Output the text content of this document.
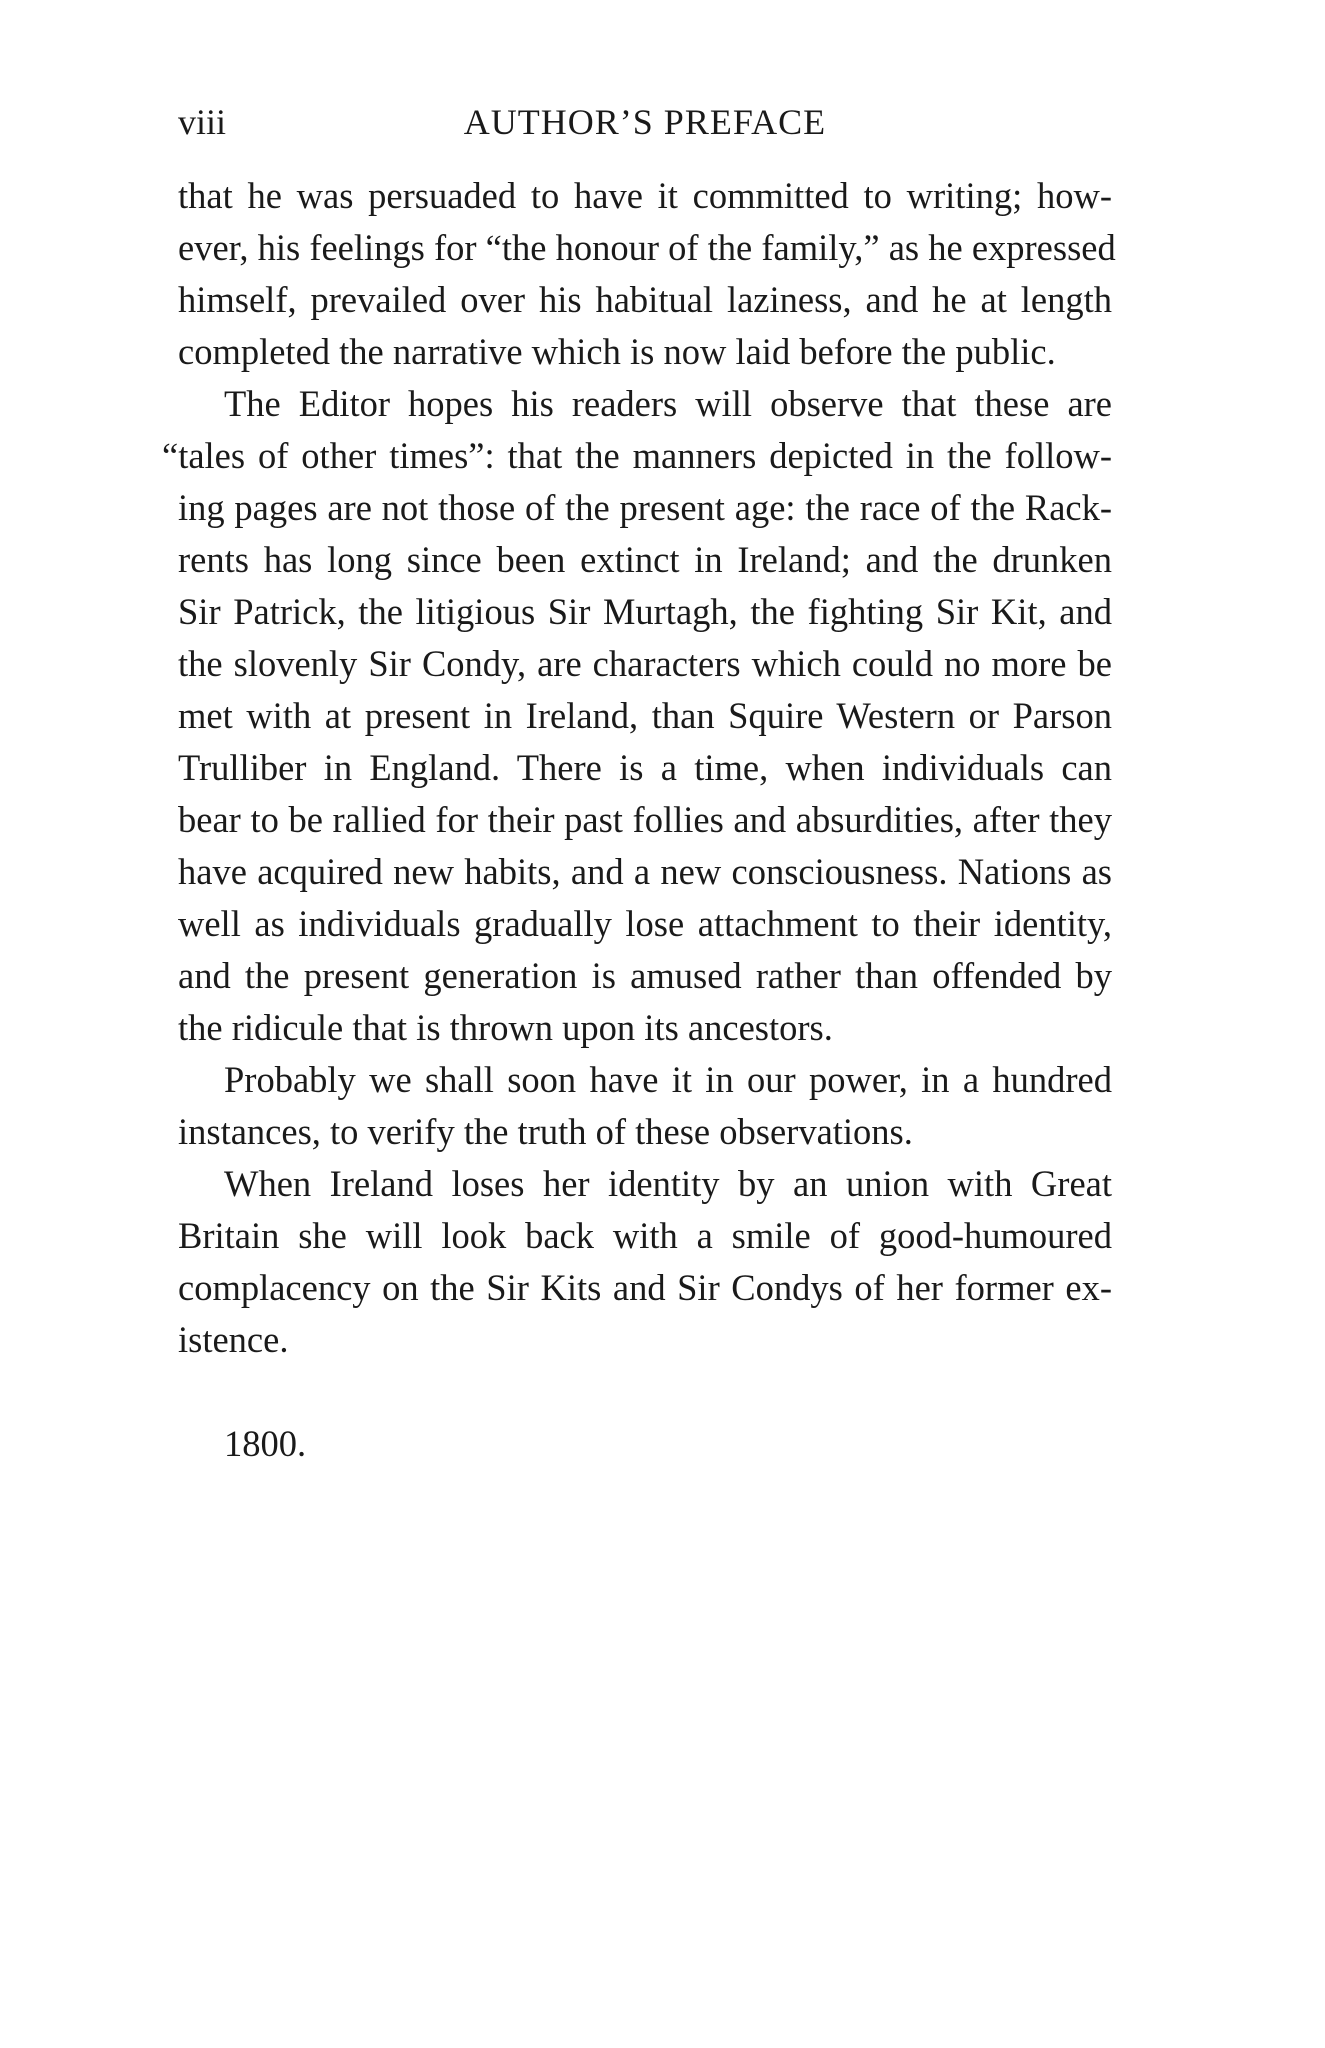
viii	AUTHOR’S PREFACE
that he was persuaded to have it committed to writing; how-
ever, his feelings for “the honour of the family,” as he expressed
himself, prevailed over his habitual laziness, and he at length
completed the narrative which is now laid before the public.
The Editor hopes his readers will observe that these are
“tales of other times”: that the manners depicted in the follow-
ing pages are not those of the present age: the race of the Rack-
rents has long since been extinct in Ireland; and the drunken
Sir Patrick, the litigious Sir Murtagh, the fighting Sir Kit, and
the slovenly Sir Condy, are characters which could no more be
met with at present in Ireland, than Squire Western or Parson
Trulliber in England. There is a time, when individuals can
bear to be rallied for their past follies and absurdities, after they
have acquired new habits, and a new consciousness. Nations as
well as individuals gradually lose attachment to their identity,
and the present generation is amused rather than offended by
the ridicule that is thrown upon its ancestors.
Probably we shall soon have it in our power, in a hundred
instances, to verify the truth of these observations.
When Ireland loses her identity by an union with Great
Britain she will look back with a smile of good-humoured
complacency on the Sir Kits and Sir Condys of her former ex-
istence.
1800.
